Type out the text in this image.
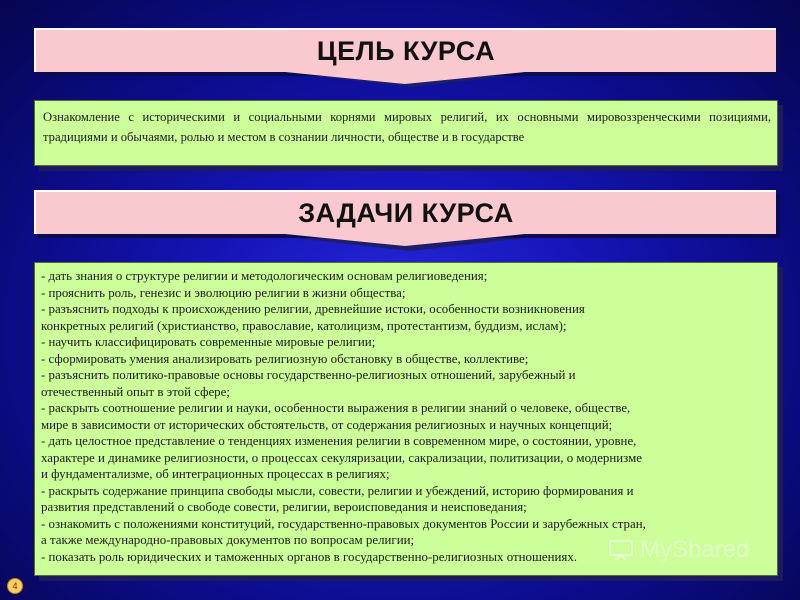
ЦЕЛЬ КУРСА
Ознакомление с историческими и социальными корнями мировых религий, их основными мировоззренческими позициями, традициями и обычаями, ролью и местом в сознании личности, обществе и в государстве
ЗАДАЧИ КУРСА
- дать знания о структуре религии и методологическим основам религиоведения;
- прояснить роль, генезис и эволюцию религии в жизни общества;
- разъяснить подходы к происхождению религии, древнейшие истоки, особенности возникновения
конкретных религий (христианство, православие, католицизм, протестантизм, буддизм, ислам);
- научить классифицировать современные мировые религии;
- сформировать умения анализировать религиозную обстановку в обществе, коллективе;
- разъяснить политико-правовые основы государственно-религиозных отношений, зарубежный и
отечественный опыт в этой сфере;
- раскрыть соотношение религии и науки, особенности выражения в религии знаний о человеке, обществе,
мире в зависимости от исторических обстоятельств, от содержания религиозных и научных концепций;
- дать целостное представление о тенденциях изменения религии в современном мире, о состоянии, уровне,
характере и динамике религиозности, о процессах секуляризации, сакрализации, политизации, о модернизме
и фундаментализме, об интеграционных процессах в религиях;
- раскрыть содержание принципа свободы мысли, совести, религии и убеждений, историю формирования и
развития представлений о свободе совести, религии, вероисповедания и неисповедания;
- ознакомить с положениями конституций, государственно-правовых документов России и зарубежных стран,
а также международно-правовых документов по вопросам религии;
- показать роль юридических и таможенных органов в государственно-религиозных отношениях.	MyShared
4
